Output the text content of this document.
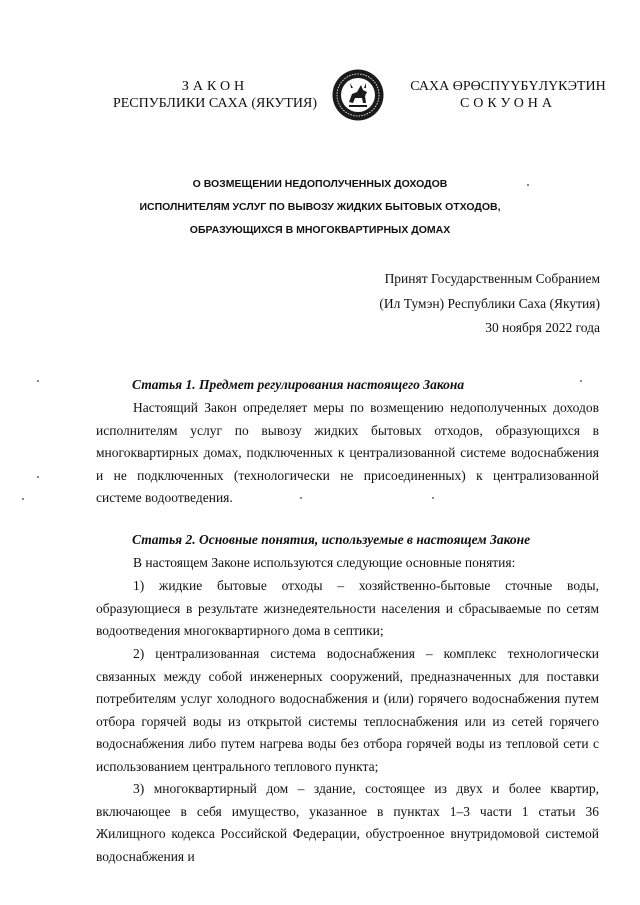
ЗАКОН
РЕСПУБЛИКИ САХА (ЯКУТИЯ)
САХА ӨРӨСПҮҮБҮЛҮКЭТИН
СОКУОНА
О ВОЗМЕЩЕНИИ НЕДОПОЛУЧЕННЫХ ДОХОДОВ
ИСПОЛНИТЕЛЯМ УСЛУГ ПО ВЫВОЗУ ЖИДКИХ БЫТОВЫХ ОТХОДОВ,
ОБРАЗУЮЩИХСЯ В МНОГОКВАРТИРНЫХ ДОМАХ
Принят Государственным Собранием
(Ил Тумэн) Республики Саха (Якутия)
30 ноября 2022 года
Статья 1. Предмет регулирования настоящего Закона

Настоящий Закон определяет меры по возмещению недополученных доходов исполнителям услуг по вывозу жидких бытовых отходов, образующихся в многоквартирных домах, подключенных к централизованной системе водоснабжения и не подключенных (технологически не присоединенных) к централизованной системе водоотведения.

Статья 2. Основные понятия, используемые в настоящем Законе

В настоящем Законе используются следующие основные понятия:

1) жидкие бытовые отходы – хозяйственно-бытовые сточные воды, образующиеся в результате жизнедеятельности населения и сбрасываемые по сетям водоотведения многоквартирного дома в септики;

2) централизованная система водоснабжения – комплекс технологически связанных между собой инженерных сооружений, предназначенных для поставки потребителям услуг холодного водоснабжения и (или) горячего водоснабжения путем отбора горячей воды из открытой системы теплоснабжения или из сетей горячего водоснабжения либо путем нагрева воды без отбора горячей воды из тепловой сети с использованием центрального теплового пункта;

3) многоквартирный дом – здание, состоящее из двух и более квартир, включающее в себя имущество, указанное в пунктах 1–3 части 1 статьи 36 Жилищного кодекса Российской Федерации, обустроенное внутридомовой системой водоснабжения и
